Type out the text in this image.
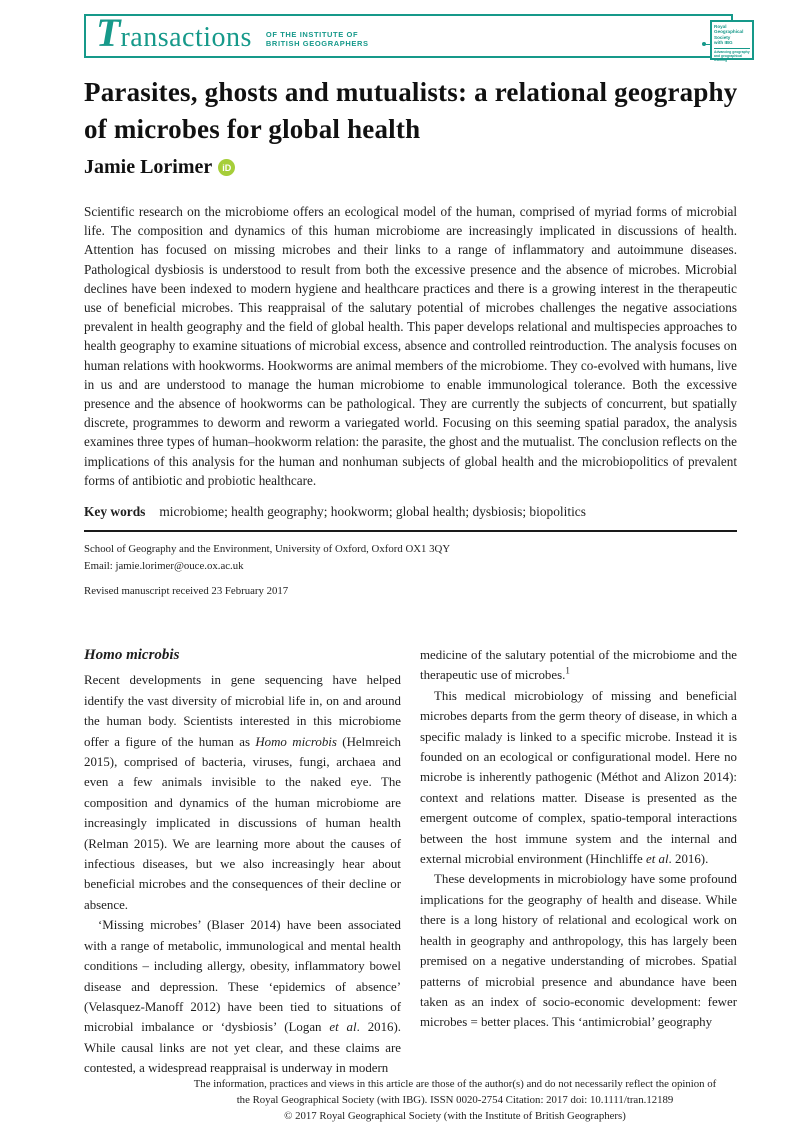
T ransactions OF THE INSTITUTE OF
BRITISH GEOGRAPHERS
Royal
Geographical
Society
with IBG
Advancing geography
and geographical learning
Parasites, ghosts and mutualists: a relational geography of microbes for global health
Jamie Lorimer	iD

Scientific research on the microbiome offers an ecological model of the human, comprised of myriad forms of microbial life. The composition and dynamics of this human microbiome are increasingly implicated in discussions of health. Attention has focused on missing microbes and their links to a range of inflammatory and autoimmune diseases. Pathological dysbiosis is understood to result from both the excessive presence and the absence of microbes. Microbial declines have been indexed to modern hygiene and healthcare practices and there is a growing interest in the therapeutic use of beneficial microbes. This reappraisal of the salutary potential of microbes challenges the negative associations prevalent in health geography and the field of global health. This paper develops relational and multispecies approaches to health geography to examine situations of microbial excess, absence and controlled reintroduction. The analysis focuses on human relations with hookworms. Hookworms are animal members of the microbiome. They co-evolved with humans, live in us and are understood to manage the human microbiome to enable immunological tolerance. Both the excessive presence and the absence of hookworms can be pathological. They are currently the subjects of concurrent, but spatially discrete, programmes to deworm and reworm a variegated world. Focusing on this seeming spatial paradox, the analysis examines three types of human–hookworm relation: the parasite, the ghost and the mutualist. The conclusion reflects on the implications of this analysis for the human and nonhuman subjects of global health and the microbiopolitics of prevalent forms of antibiotic and probiotic healthcare.

Key words microbiome; health geography; hookworm; global health; dysbiosis; biopolitics
School of Geography and the Environment, University of Oxford, Oxford OX1 3QY
Email: jamie.lorimer@ouce.ox.ac.uk
Revised manuscript received 23 February 2017
Homo microbis

Recent developments in gene sequencing have helped identify the vast diversity of microbial life in, on and around the human body. Scientists interested in this microbiome offer a figure of the human as Homo microbis (Helmreich 2015), comprised of bacteria, viruses, fungi, archaea and even a few animals invisible to the naked eye. The composition and dynamics of the human microbiome are increasingly implicated in discussions of human health (Relman 2015). We are learning more about the causes of infectious diseases, but we also increasingly hear about beneficial microbes and the consequences of their decline or absence.

‘Missing microbes’ (Blaser 2014) have been associated with a range of metabolic, immunological and mental health conditions – including allergy, obesity, inflammatory bowel disease and depression. These ‘epidemics of absence’ (Velasquez-Manoff 2012) have been tied to situations of microbial imbalance or ‘dysbiosis’ (Logan et al. 2016). While causal links are not yet clear, and these claims are contested, a widespread reappraisal is underway in modern

medicine of the salutary potential of the microbiome and the therapeutic use of microbes.$^1$

This medical microbiology of missing and beneficial microbes departs from the germ theory of disease, in which a specific malady is linked to a specific microbe. Instead it is founded on an ecological or configurational model. Here no microbe is inherently pathogenic (Méthot and Alizon 2014): context and relations matter. Disease is presented as the emergent outcome of complex, spatio-temporal interactions between the host immune system and the internal and external microbial environment (Hinchliffe et al. 2016).

These developments in microbiology have some profound implications for the geography of health and disease. While there is a long history of relational and ecological work on health in geography and anthropology, this has largely been premised on a negative understanding of microbes. Spatial patterns of microbial presence and abundance have been taken as an index of socio-economic development: fewer microbes = better places. This ‘antimicrobial’ geography

The information, practices and views in this article are those of the author(s) and do not necessarily reflect the opinion of
the Royal Geographical Society (with IBG). ISSN 0020-2754 Citation: 2017 doi: 10.1111/tran.12189
© 2017 Royal Geographical Society (with the Institute of British Geographers)
